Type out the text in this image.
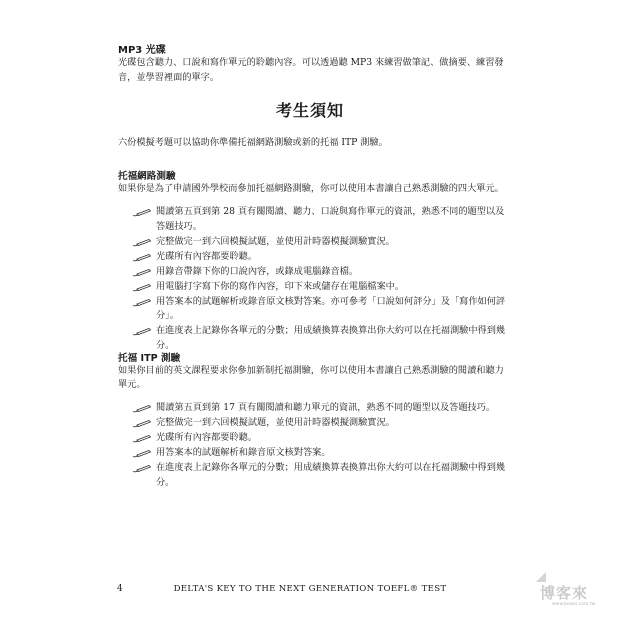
MP3 光碟
光碟包含聽力、口說和寫作單元的聆聽內容。可以透過聽 MP3 來練習做筆記、做摘要、練習發音，並學習裡面的單字。
考生須知
六份模擬考題可以協助你準備托福網路測驗或新的托福 ITP 測驗。
托福網路測驗
如果你是為了申請國外學校而參加托福網路測驗，你可以使用本書讓自己熟悉測驗的四大單元。
閱讀第五頁到第 28 頁有關閱讀、聽力、口說與寫作單元的資訊，熟悉不同的題型以及答題技巧。
完整做完一到六回模擬試題，並使用計時器模擬測驗實況。
光碟所有內容都要聆聽。
用錄音帶錄下你的口說內容，或錄成電腦錄音檔。
用電腦打字寫下你的寫作內容，印下來或儲存在電腦檔案中。
用答案本的試題解析或錄音原文核對答案。亦可參考「口說如何評分」及「寫作如何評分」。
在進度表上記錄你各單元的分數；用成績換算表換算出你大約可以在托福測驗中得到幾分。
托福 ITP 測驗
如果你目前的英文課程要求你參加新制托福測驗，你可以使用本書讓自己熟悉測驗的閱讀和聽力單元。
閱讀第五頁到第 17 頁有關閱讀和聽力單元的資訊，熟悉不同的題型以及答題技巧。
完整做完一到六回模擬試題，並使用計時器模擬測驗實況。
光碟所有內容都要聆聽。
用答案本的試題解析和錄音原文核對答案。
在進度表上記錄你各單元的分數；用成績換算表換算出你大約可以在托福測驗中得到幾分。
4	DELTA'S KEY TO THE NEXT GENERATION TOEFL® TEST	博客來
www.books.com.tw
